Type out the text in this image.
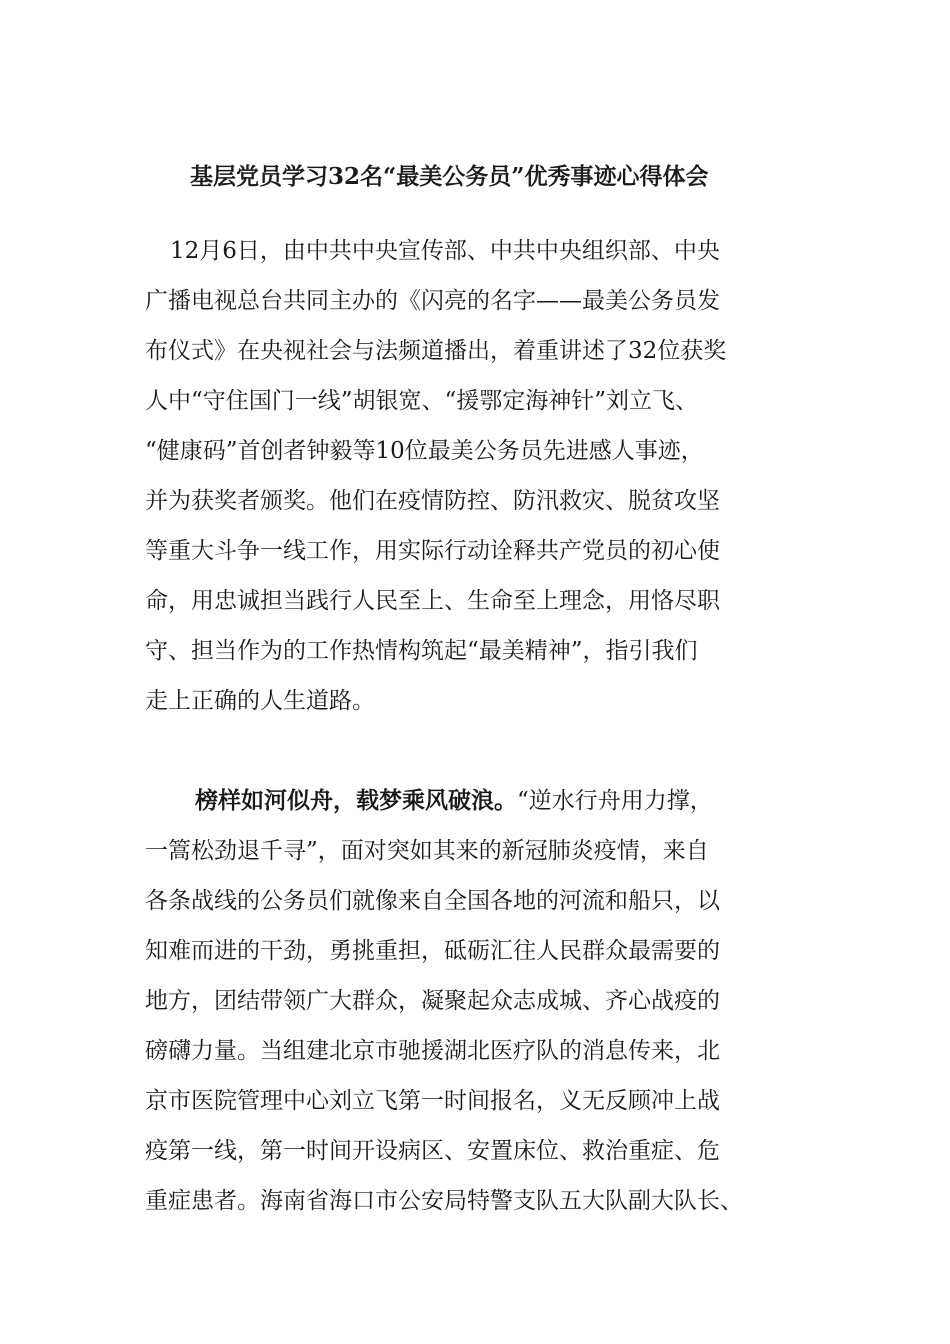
基层党员学习32名“最美公务员”优秀事迹心得体会
12月6日，由中共中央宣传部、中共中央组织部、中央
广播电视总台共同主办的《闪亮的名字——最美公务员发
布仪式》在央视社会与法频道播出，着重讲述了32位获奖
人中“守住国门一线”胡银宽、“援鄂定海神针”刘立飞、
“健康码”首创者钟毅等10位最美公务员先进感人事迹，
并为获奖者颁奖。他们在疫情防控、防汛救灾、脱贫攻坚
等重大斗争一线工作，用实际行动诠释共产党员的初心使
命，用忠诚担当践行人民至上、生命至上理念，用恪尽职
守、担当作为的工作热情构筑起“最美精神”，指引我们
走上正确的人生道路。
榜样如河似舟，载梦乘风破浪。“逆水行舟用力撑，
一篙松劲退千寻”，面对突如其来的新冠肺炎疫情，来自
各条战线的公务员们就像来自全国各地的河流和船只，以
知难而进的干劲，勇挑重担，砥砺汇往人民群众最需要的
地方，团结带领广大群众，凝聚起众志成城、齐心战疫的
磅礴力量。当组建北京市驰援湖北医疗队的消息传来，北
京市医院管理中心刘立飞第一时间报名，义无反顾冲上战
疫第一线，第一时间开设病区、安置床位、救治重症、危
重症患者。海南省海口市公安局特警支队五大队副大队长、
